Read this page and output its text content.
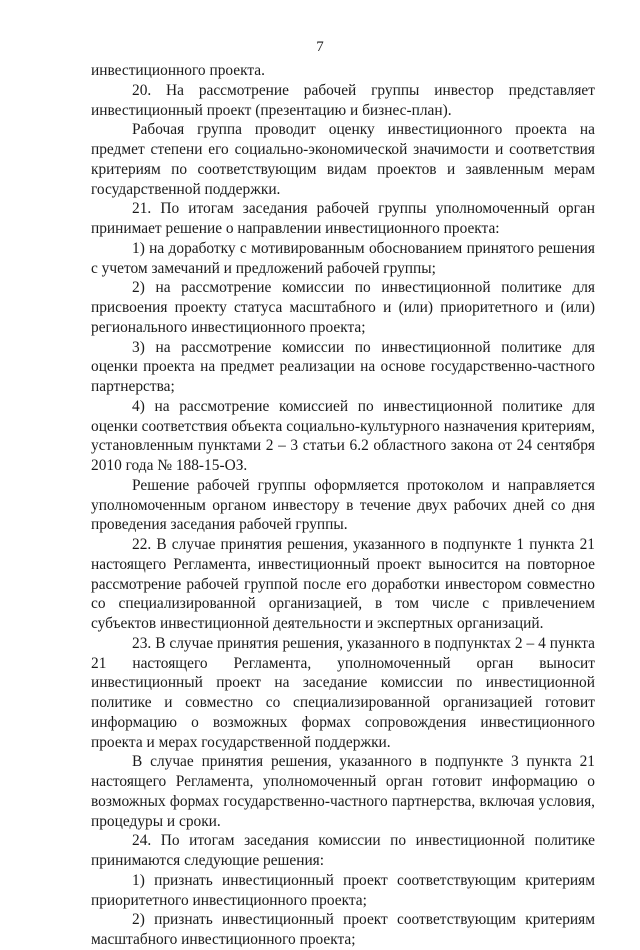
7

инвестиционного проекта.

20. На рассмотрение рабочей группы инвестор представляет инвестиционный проект (презентацию и бизнес-план).

Рабочая группа проводит оценку инвестиционного проекта на предмет степени его социально-экономической значимости и соответствия критериям по соответствующим видам проектов и заявленным мерам государственной поддержки.

21. По итогам заседания рабочей группы уполномоченный орган принимает решение о направлении инвестиционного проекта:

1) на доработку с мотивированным обоснованием принятого решения с учетом замечаний и предложений рабочей группы;

2) на рассмотрение комиссии по инвестиционной политике для присвоения проекту статуса масштабного и (или) приоритетного и (или) регионального инвестиционного проекта;

3) на рассмотрение комиссии по инвестиционной политике для оценки проекта на предмет реализации на основе государственно-частного партнерства;

4) на рассмотрение комиссией по инвестиционной политике для оценки соответствия объекта социально-культурного назначения критериям, установленным пунктами 2 – 3 статьи 6.2 областного закона от 24 сентября 2010 года № 188-15-ОЗ.

Решение рабочей группы оформляется протоколом и направляется уполномоченным органом инвестору в течение двух рабочих дней со дня проведения заседания рабочей группы.

22. В случае принятия решения, указанного в подпункте 1 пункта 21 настоящего Регламента, инвестиционный проект выносится на повторное рассмотрение рабочей группой после его доработки инвестором совместно со специализированной организацией, в том числе с привлечением субъектов инвестиционной деятельности и экспертных организаций.

23. В случае принятия решения, указанного в подпунктах 2 – 4 пункта 21 настоящего Регламента, уполномоченный орган выносит инвестиционный проект на заседание комиссии по инвестиционной политике и совместно со специализированной организацией готовит информацию о возможных формах сопровождения инвестиционного проекта и мерах государственной поддержки.

В случае принятия решения, указанного в подпункте 3 пункта 21 настоящего Регламента, уполномоченный орган готовит информацию о возможных формах государственно-частного партнерства, включая условия, процедуры и сроки.

24. По итогам заседания комиссии по инвестиционной политике принимаются следующие решения:

1) признать инвестиционный проект соответствующим критериям приоритетного инвестиционного проекта;

2) признать инвестиционный проект соответствующим критериям масштабного инвестиционного проекта;
